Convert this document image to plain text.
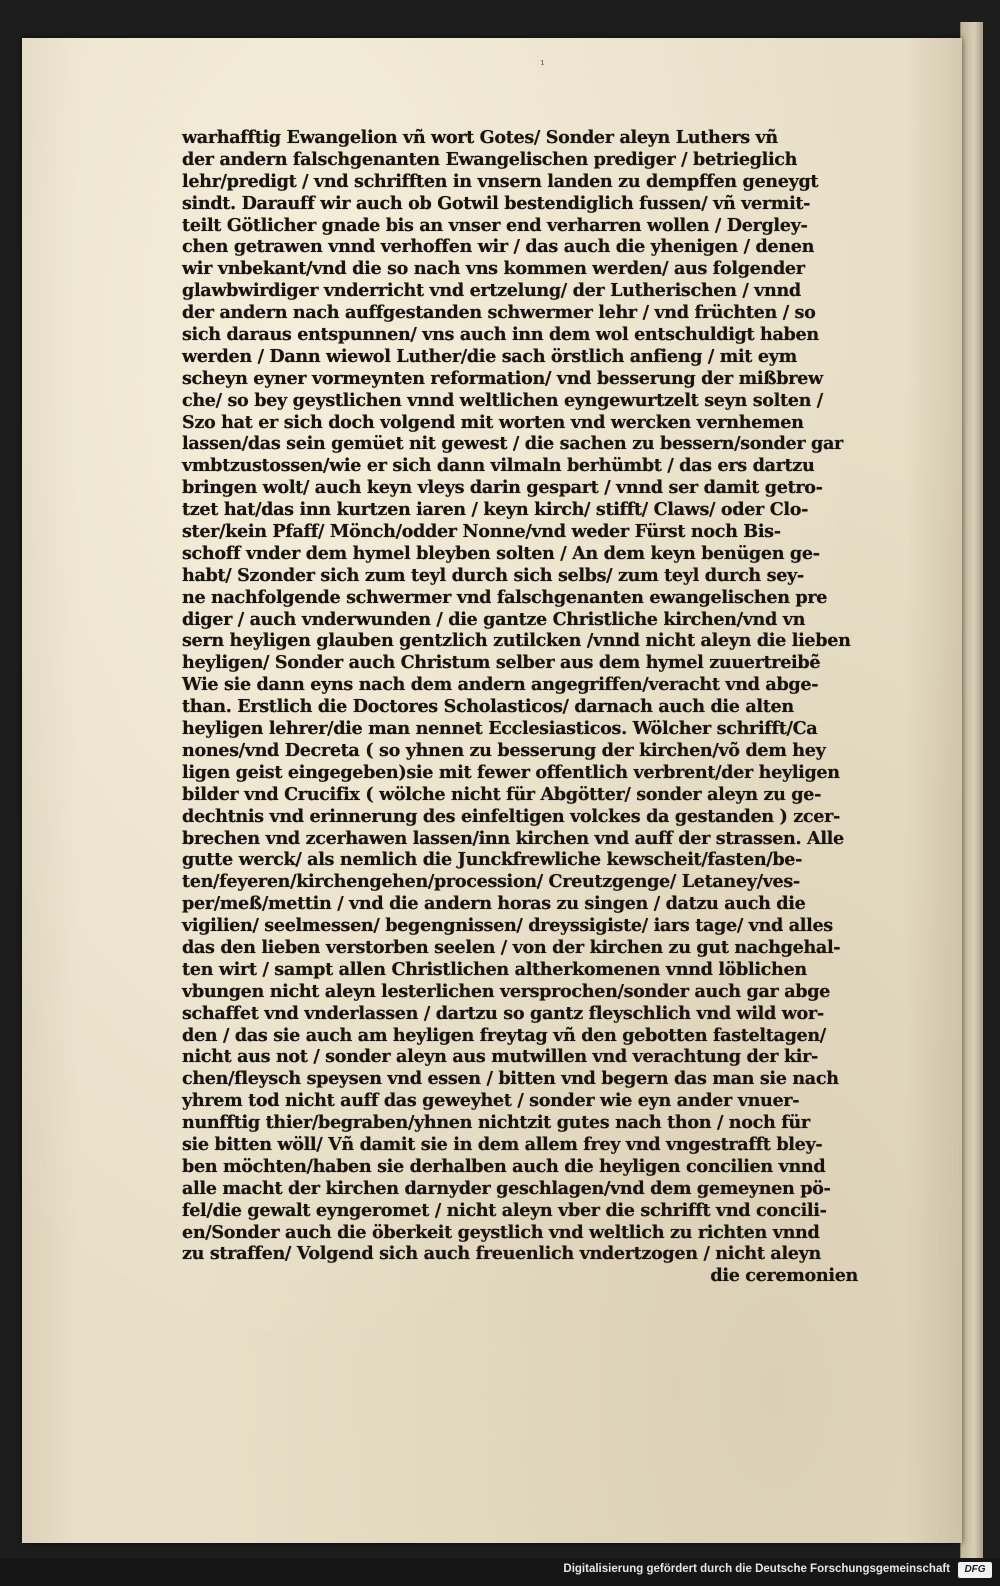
¹
warhafftig Ewangelion vñ wort Gotes/ Sonder aleyn Luthers vñ
der andern falschgenanten Ewangelischen prediger / betrieglich
lehr/predigt / vnd schrifften in vnsern landen zu dempffen geneygt
sindt. Darauff wir auch ob Gotwil bestendiglich fussen/ vñ vermit-
teilt Götlicher gnade bis an vnser end verharren wollen / Dergley-
chen getrawen vnnd verhoffen wir / das auch die yhenigen / denen
wir vnbekant/vnd die so nach vns kommen werden/ aus folgender
glawbwirdiger vnderricht vnd ertzelung/ der Lutherischen / vnnd
der andern nach auffgestanden schwermer lehr / vnd früchten / so
sich daraus entspunnen/ vns auch inn dem wol entschuldigt haben
werden / Dann wiewol Luther/die sach örstlich anfieng / mit eym
scheyn eyner vormeynten reformation/ vnd besserung der mißbrew
che/ so bey geystlichen vnnd weltlichen eyngewurtzelt seyn solten /
Szo hat er sich doch volgend mit worten vnd wercken vernhemen
lassen/das sein gemüet nit gewest / die sachen zu bessern/sonder gar
vmbtzustossen/wie er sich dann vilmaln berhümbt / das ers dartzu
bringen wolt/ auch keyn vleys darin gespart / vnnd ser damit getro-
tzet hat/das inn kurtzen iaren / keyn kirch/ stifft/ Claws/ oder Clo-
ster/kein Pfaff/ Mönch/odder Nonne/vnd weder Fürst noch Bis-
schoff vnder dem hymel bleyben solten / An dem keyn benügen ge-
habt/ Szonder sich zum teyl durch sich selbs/ zum teyl durch sey-
ne nachfolgende schwermer vnd falschgenanten ewangelischen pre
diger / auch vnderwunden / die gantze Christliche kirchen/vnd vn
sern heyligen glauben gentzlich zutilcken /vnnd nicht aleyn die lieben
heyligen/ Sonder auch Christum selber aus dem hymel zuuertreibẽ
Wie sie dann eyns nach dem andern angegriffen/veracht vnd abge-
than. Erstlich die Doctores Scholasticos/ darnach auch die alten
heyligen lehrer/die man nennet Ecclesiasticos. Wölcher schrifft/Ca
nones/vnd Decreta ( so yhnen zu besserung der kirchen/võ dem hey
ligen geist eingegeben)sie mit fewer offentlich verbrent/der heyligen
bilder vnd Crucifix ( wölche nicht für Abgötter/ sonder aleyn zu ge-
dechtnis vnd erinnerung des einfeltigen volckes da gestanden ) zcer-
brechen vnd zcerhawen lassen/inn kirchen vnd auff der strassen. Alle
gutte werck/ als nemlich die Junckfrewliche kewscheit/fasten/be-
ten/feyeren/kirchengehen/procession/ Creutzgenge/ Letaney/ves-
per/meß/mettin / vnd die andern horas zu singen / datzu auch die
vigilien/ seelmessen/ begengnissen/ dreyssigiste/ iars tage/ vnd alles
das den lieben verstorben seelen / von der kirchen zu gut nachgehal-
ten wirt / sampt allen Christlichen altherkomenen vnnd löblichen
vbungen nicht aleyn lesterlichen versprochen/sonder auch gar abge
schaffet vnd vnderlassen / dartzu so gantz fleyschlich vnd wild wor-
den / das sie auch am heyligen freytag vñ den gebotten fasteltagen/
nicht aus not / sonder aleyn aus mutwillen vnd verachtung der kir-
chen/fleysch speysen vnd essen / bitten vnd begern das man sie nach
yhrem tod nicht auff das geweyhet / sonder wie eyn ander vnuer-
nunfftig thier/begraben/yhnen nichtzit gutes nach thon / noch für
sie bitten wöll/ Vñ damit sie in dem allem frey vnd vngestrafft bley-
ben möchten/haben sie derhalben auch die heyligen concilien vnnd
alle macht der kirchen darnyder geschlagen/vnd dem gemeynen pö-
fel/die gewalt eyngeromet / nicht aleyn vber die schrifft vnd concili-
en/Sonder auch die öberkeit geystlich vnd weltlich zu richten vnnd
zu straffen/ Volgend sich auch freuenlich vndertzogen / nicht aleyn
die ceremonien
Digitalisierung gefördert durch die Deutsche Forschungsgemeinschaft	DFG
